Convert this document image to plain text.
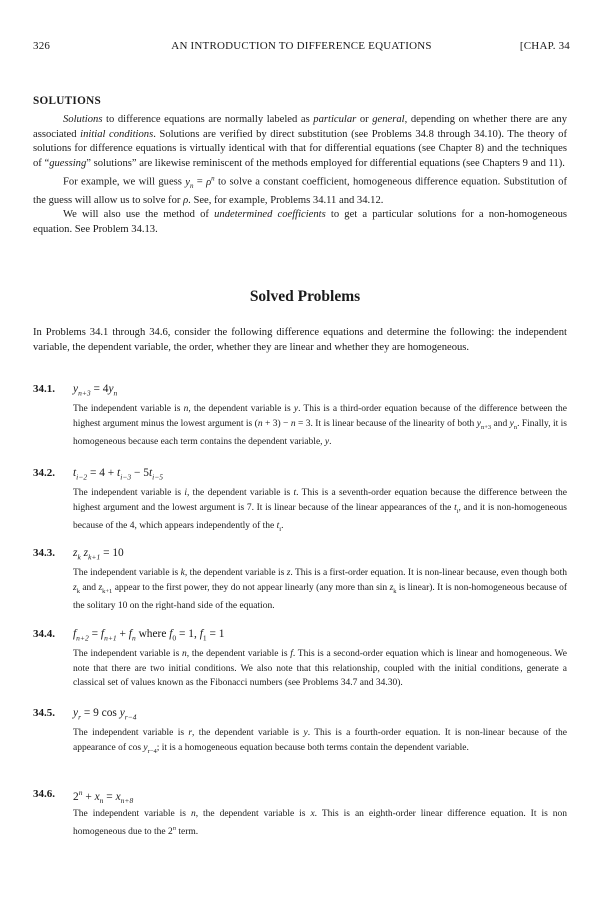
326	AN INTRODUCTION TO DIFFERENCE EQUATIONS	[CHAP. 34
SOLUTIONS

Solutions to difference equations are normally labeled as particular or general, depending on whether there are any associated initial conditions. Solutions are verified by direct substitution (see Problems 34.8 through 34.10). The theory of solutions for difference equations is virtually identical with that for differential equations (see Chapter 8) and the techniques of “guessing” solutions” are likewise reminiscent of the methods employed for differential equations (see Chapters 9 and 11).

For example, we will guess $y_n = \rho^n$ to solve a constant coefficient, homogeneous difference equation. Substitution of the guess will allow us to solve for ρ. See, for example, Problems 34.11 and 34.12.

We will also use the method of undetermined coefficients to get a particular solutions for a non-homogeneous equation. See Problem 34.13.

Solved Problems

In Problems 34.1 through 34.6, consider the following difference equations and determine the following: the independent variable, the dependent variable, the order, whether they are linear and whether they are homogeneous.

34.1. $y_{n+3} = 4y_n$

The independent variable is n, the dependent variable is y. This is a third-order equation because of the difference between the highest argument minus the lowest argument is (n + 3) − n = 3. It is linear because of the linearity of both $y_{n+3}$ and $y_n$. Finally, it is homogeneous because each term contains the dependent variable, y.

34.2. $t_{i-2} = 4 + t_{i-3} - 5t_{i-5}$

The independent variable is i, the dependent variable is t. This is a seventh-order equation because the difference between the highest argument and the lowest argument is 7. It is linear because of the linear appearances of the $t_i$, and it is non-homogeneous because of the 4, which appears independently of the $t_i$.

34.3. $z_k$ $z_{k+1} = 10$

The independent variable is k, the dependent variable is z. This is a first-order equation. It is non-linear because, even though both $z_k$ and $z_{k+1}$ appear to the first power, they do not appear linearly (any more than $\sin z_k$ is linear). It is non-homogeneous because of the solitary 10 on the right-hand side of the equation.

34.4. $f_{n+2} = f_{n+1} + f_n$ where $f_0 = 1$, $f_1 = 1$

The independent variable is n, the dependent variable is f. This is a second-order equation which is linear and homogeneous. We note that there are two initial conditions. We also note that this relationship, coupled with the initial conditions, generate a classical set of values known as the Fibonacci numbers (see Problems 34.7 and 34.30).

34.5. $y_r = 9$ $\cos y_{r-4}$

The independent variable is r, the dependent variable is y. This is a fourth-order equation. It is non-linear because of the appearance of $\cos y_{r-4}$; it is a homogeneous equation because both terms contain the dependent variable.

34.6. $2^n + x_n = x_{n+8}$

The independent variable is n, the dependent variable is x. This is an eighth-order linear difference equation. It is non homogeneous due to the 2$^n$ term.
